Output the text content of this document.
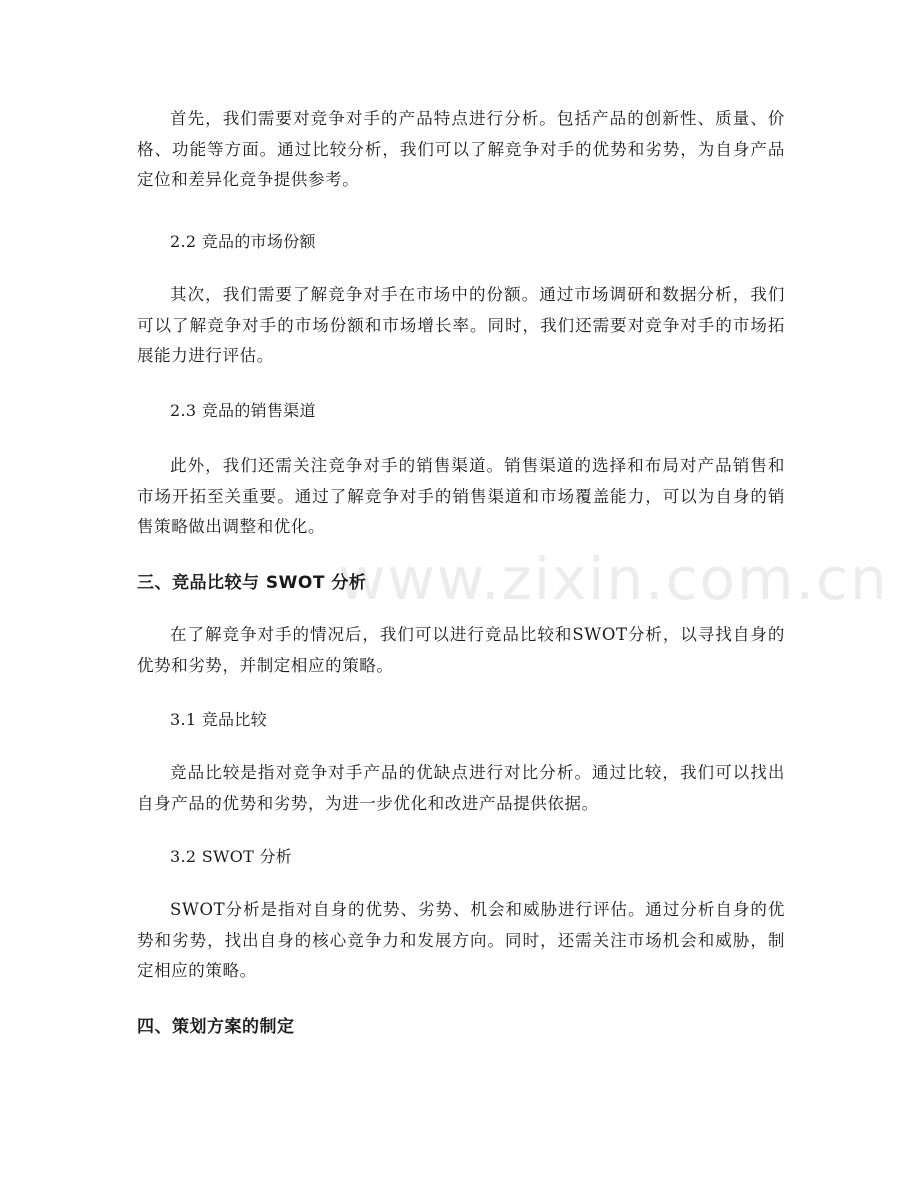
www.zixin.com.cn

首先，我们需要对竞争对手的产品特点进行分析。包括产品的创新性、质量、价格、功能等方面。通过比较分析，我们可以了解竞争对手的优势和劣势，为自身产品定位和差异化竞争提供参考。

2.2 竞品的市场份额

其次，我们需要了解竞争对手在市场中的份额。通过市场调研和数据分析，我们可以了解竞争对手的市场份额和市场增长率。同时，我们还需要对竞争对手的市场拓展能力进行评估。

2.3 竞品的销售渠道

此外，我们还需关注竞争对手的销售渠道。销售渠道的选择和布局对产品销售和市场开拓至关重要。通过了解竞争对手的销售渠道和市场覆盖能力，可以为自身的销售策略做出调整和优化。

三、竞品比较与 SWOT 分析

在了解竞争对手的情况后，我们可以进行竞品比较和SWOT分析，以寻找自身的优势和劣势，并制定相应的策略。

3.1 竞品比较

竞品比较是指对竞争对手产品的优缺点进行对比分析。通过比较，我们可以找出自身产品的优势和劣势，为进一步优化和改进产品提供依据。

3.2 SWOT 分析

SWOT分析是指对自身的优势、劣势、机会和威胁进行评估。通过分析自身的优势和劣势，找出自身的核心竞争力和发展方向。同时，还需关注市场机会和威胁，制定相应的策略。

四、策划方案的制定
